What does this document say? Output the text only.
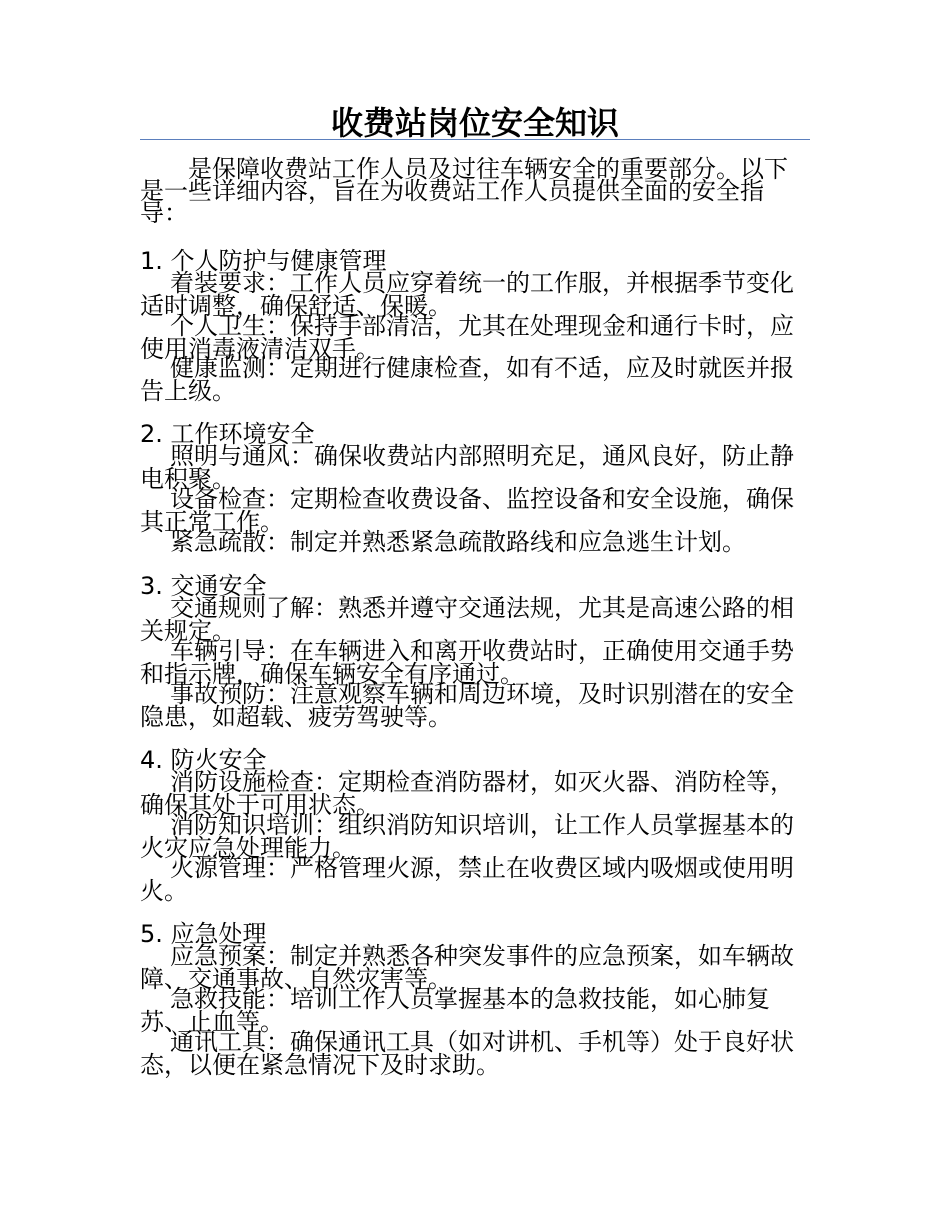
收费站岗位安全知识

是保障收费站工作人员及过往车辆安全的重要部分。以下是一些详细内容，旨在为收费站工作人员提供全面的安全指导：

1. 个人防护与健康管理

着装要求：工作人员应穿着统一的工作服，并根据季节变化适时调整，确保舒适、保暖。

个人卫生：保持手部清洁，尤其在处理现金和通行卡时，应使用消毒液清洁双手。

健康监测：定期进行健康检查，如有不适，应及时就医并报告上级。

2. 工作环境安全

照明与通风：确保收费站内部照明充足，通风良好，防止静电积聚。

设备检查：定期检查收费设备、监控设备和安全设施，确保其正常工作。

紧急疏散：制定并熟悉紧急疏散路线和应急逃生计划。

3. 交通安全

交通规则了解：熟悉并遵守交通法规，尤其是高速公路的相关规定。

车辆引导：在车辆进入和离开收费站时，正确使用交通手势和指示牌，确保车辆安全有序通过。

事故预防：注意观察车辆和周边环境，及时识别潜在的安全隐患，如超载、疲劳驾驶等。

4. 防火安全

消防设施检查：定期检查消防器材，如灭火器、消防栓等，确保其处于可用状态。

消防知识培训：组织消防知识培训，让工作人员掌握基本的火灾应急处理能力。

火源管理：严格管理火源，禁止在收费区域内吸烟或使用明火。

5. 应急处理

应急预案：制定并熟悉各种突发事件的应急预案，如车辆故障、交通事故、自然灾害等。

急救技能：培训工作人员掌握基本的急救技能，如心肺复苏、止血等。

通讯工具：确保通讯工具（如对讲机、手机等）处于良好状态，以便在紧急情况下及时求助。
